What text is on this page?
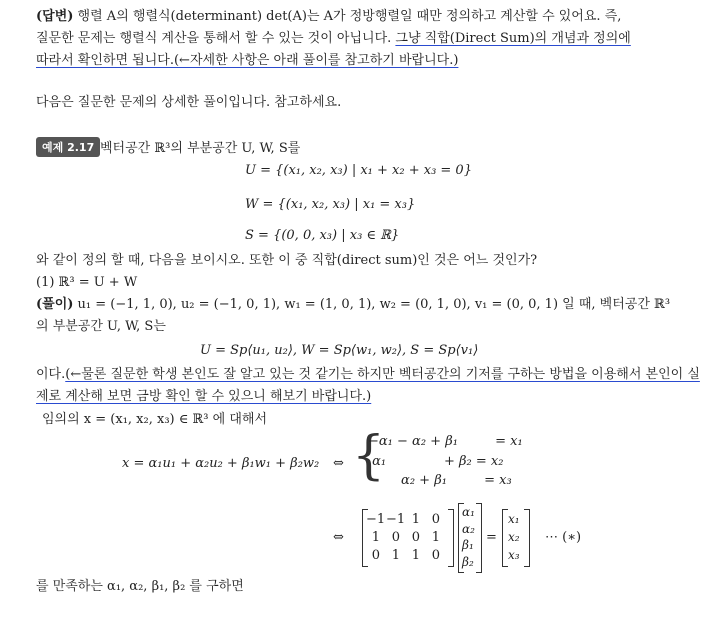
(답변) 행렬 A의 행렬식(determinant) det(A)는 A가 정방행렬일 때만 정의하고 계산할 수 있어요. 즉,
질문한 문제는 행렬식 계산을 통해서 할 수 있는 것이 아닙니다. 그냥 직합(Direct Sum)의 개념과 정의에
따라서 확인하면 됩니다.(←자세한 사항은 아래 풀이를 참고하기 바랍니다.)
다음은 질문한 문제의 상세한 풀이입니다. 참고하세요.
예제 2.17 벡터공간 ℝ³의 부분공간 U, W, S를
U = {(x₁, x₂, x₃) | x₁ + x₂ + x₃ = 0}
W = {(x₁, x₂, x₃) | x₁ = x₃}
S = {(0, 0, x₃) | x₃ ∈ ℝ}
와 같이 정의 할 때, 다음을 보이시오. 또한 이 중 직합(direct sum)인 것은 어느 것인가?
(1) ℝ³ = U + W
(풀이) u₁ = (−1, 1, 0), u₂ = (−1, 0, 1), w₁ = (1, 0, 1), w₂ = (0, 1, 0), v₁ = (0, 0, 1) 일 때, 벡터공간 ℝ³
의 부분공간 U, W, S는
U = Sp⟨u₁, u₂⟩, W = Sp⟨w₁, w₂⟩, S = Sp⟨v₁⟩
이다.(←물론 질문한 학생 본인도 잘 알고 있는 것 같기는 하지만 벡터공간의 기저를 구하는 방법을 이용해서 본인이 실
제로 계산해 보면 금방 확인 할 수 있으니 해보기 바랍니다.)
임의의 x = (x₁, x₂, x₃) ∈ ℝ³ 에 대해서
x = α₁u₁ + α₂u₂ + β₁w₁ + β₂w₂ ⇔ {
−α₁ − α₂ + β₁         = x₁
α₁              + β₂ = x₂
α₂ + β₁         = x₃
⇔
−1 −1 1 0
1 0 0 1
0 1 1 0
α₁
α₂
β₁
β₂
=
x₁
x₂
x₃
⋯ (∗)
를 만족하는 α₁, α₂, β₁, β₂ 를 구하면
